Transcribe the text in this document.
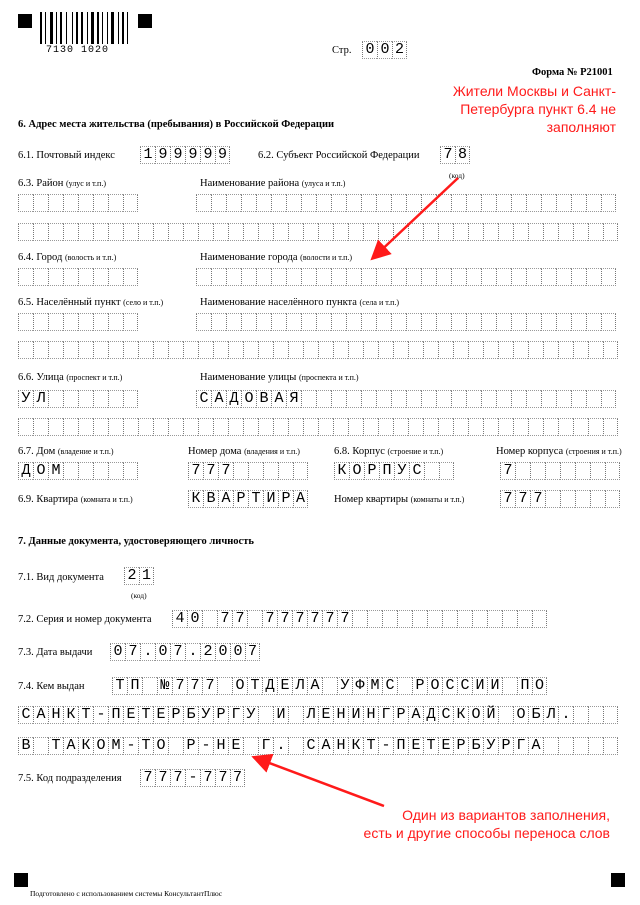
7130 1020	Стр. 0 0 2
Форма № Р21001
Жители Москвы и Санкт-
Петербурга пункт 6.4 не
заполняют
6. Адрес места жительства (пребывания) в Российской Федерации
6.1. Почтовый индекс 1 9 9 9 9 9	6.2. Субъект Российской Федерации 7 8
(код)
6.3. Район (улус и т.п.)	Наименование района (улуса и т.п.)
6.4. Город (волость и т.п.)	Наименование города (волости и т.п.)
6.5. Населённый пункт (село и т.п.)	Наименование населённого пункта (села и т.п.)
6.6. Улица (проспект и т.п.)	Наименование улицы (проспекта и т.п.)
У Л	С А Д О В А Я
6.7. Дом (владение и т.п.)	Номер дома (владения и т.п.)	6.8. Корпус (строение и т.п.)	Номер корпуса (строения и т.п.)
Д О М	7 7 7	К О Р П У С	7
6.9. Квартира (комната и т.п.)	К В А Р Т И Р А	Номер квартиры (комнаты и т.п.)	7 7 7
7. Данные документа, удостоверяющего личность
7.1. Вид документа 2 1
(код)
7.2. Серия и номер документа 4 0 7 7 7 7 7 7 7 7
7.3. Дата выдачи 0 7 . 0 7 . 2 0 0 7
7.4. Кем выдан Т П № 7 7 7 О Т Д Е Л А У Ф М С Р О С С И И П О
С А Н К Т - П Е Т Е Р Б У Р Г У И Л Е Н И Н Г Р А Д С К О Й О Б Л .
В Т А К О М - Т О Р - Н Е Г . С А Н К Т - П Е Т Е Р Б У Р Г А
7.5. Код подразделения 7 7 7 - 7 7 7
Один из вариантов заполнения,
есть и другие способы переноса слов
Подготовлено с использованием системы КонсультантПлюс
